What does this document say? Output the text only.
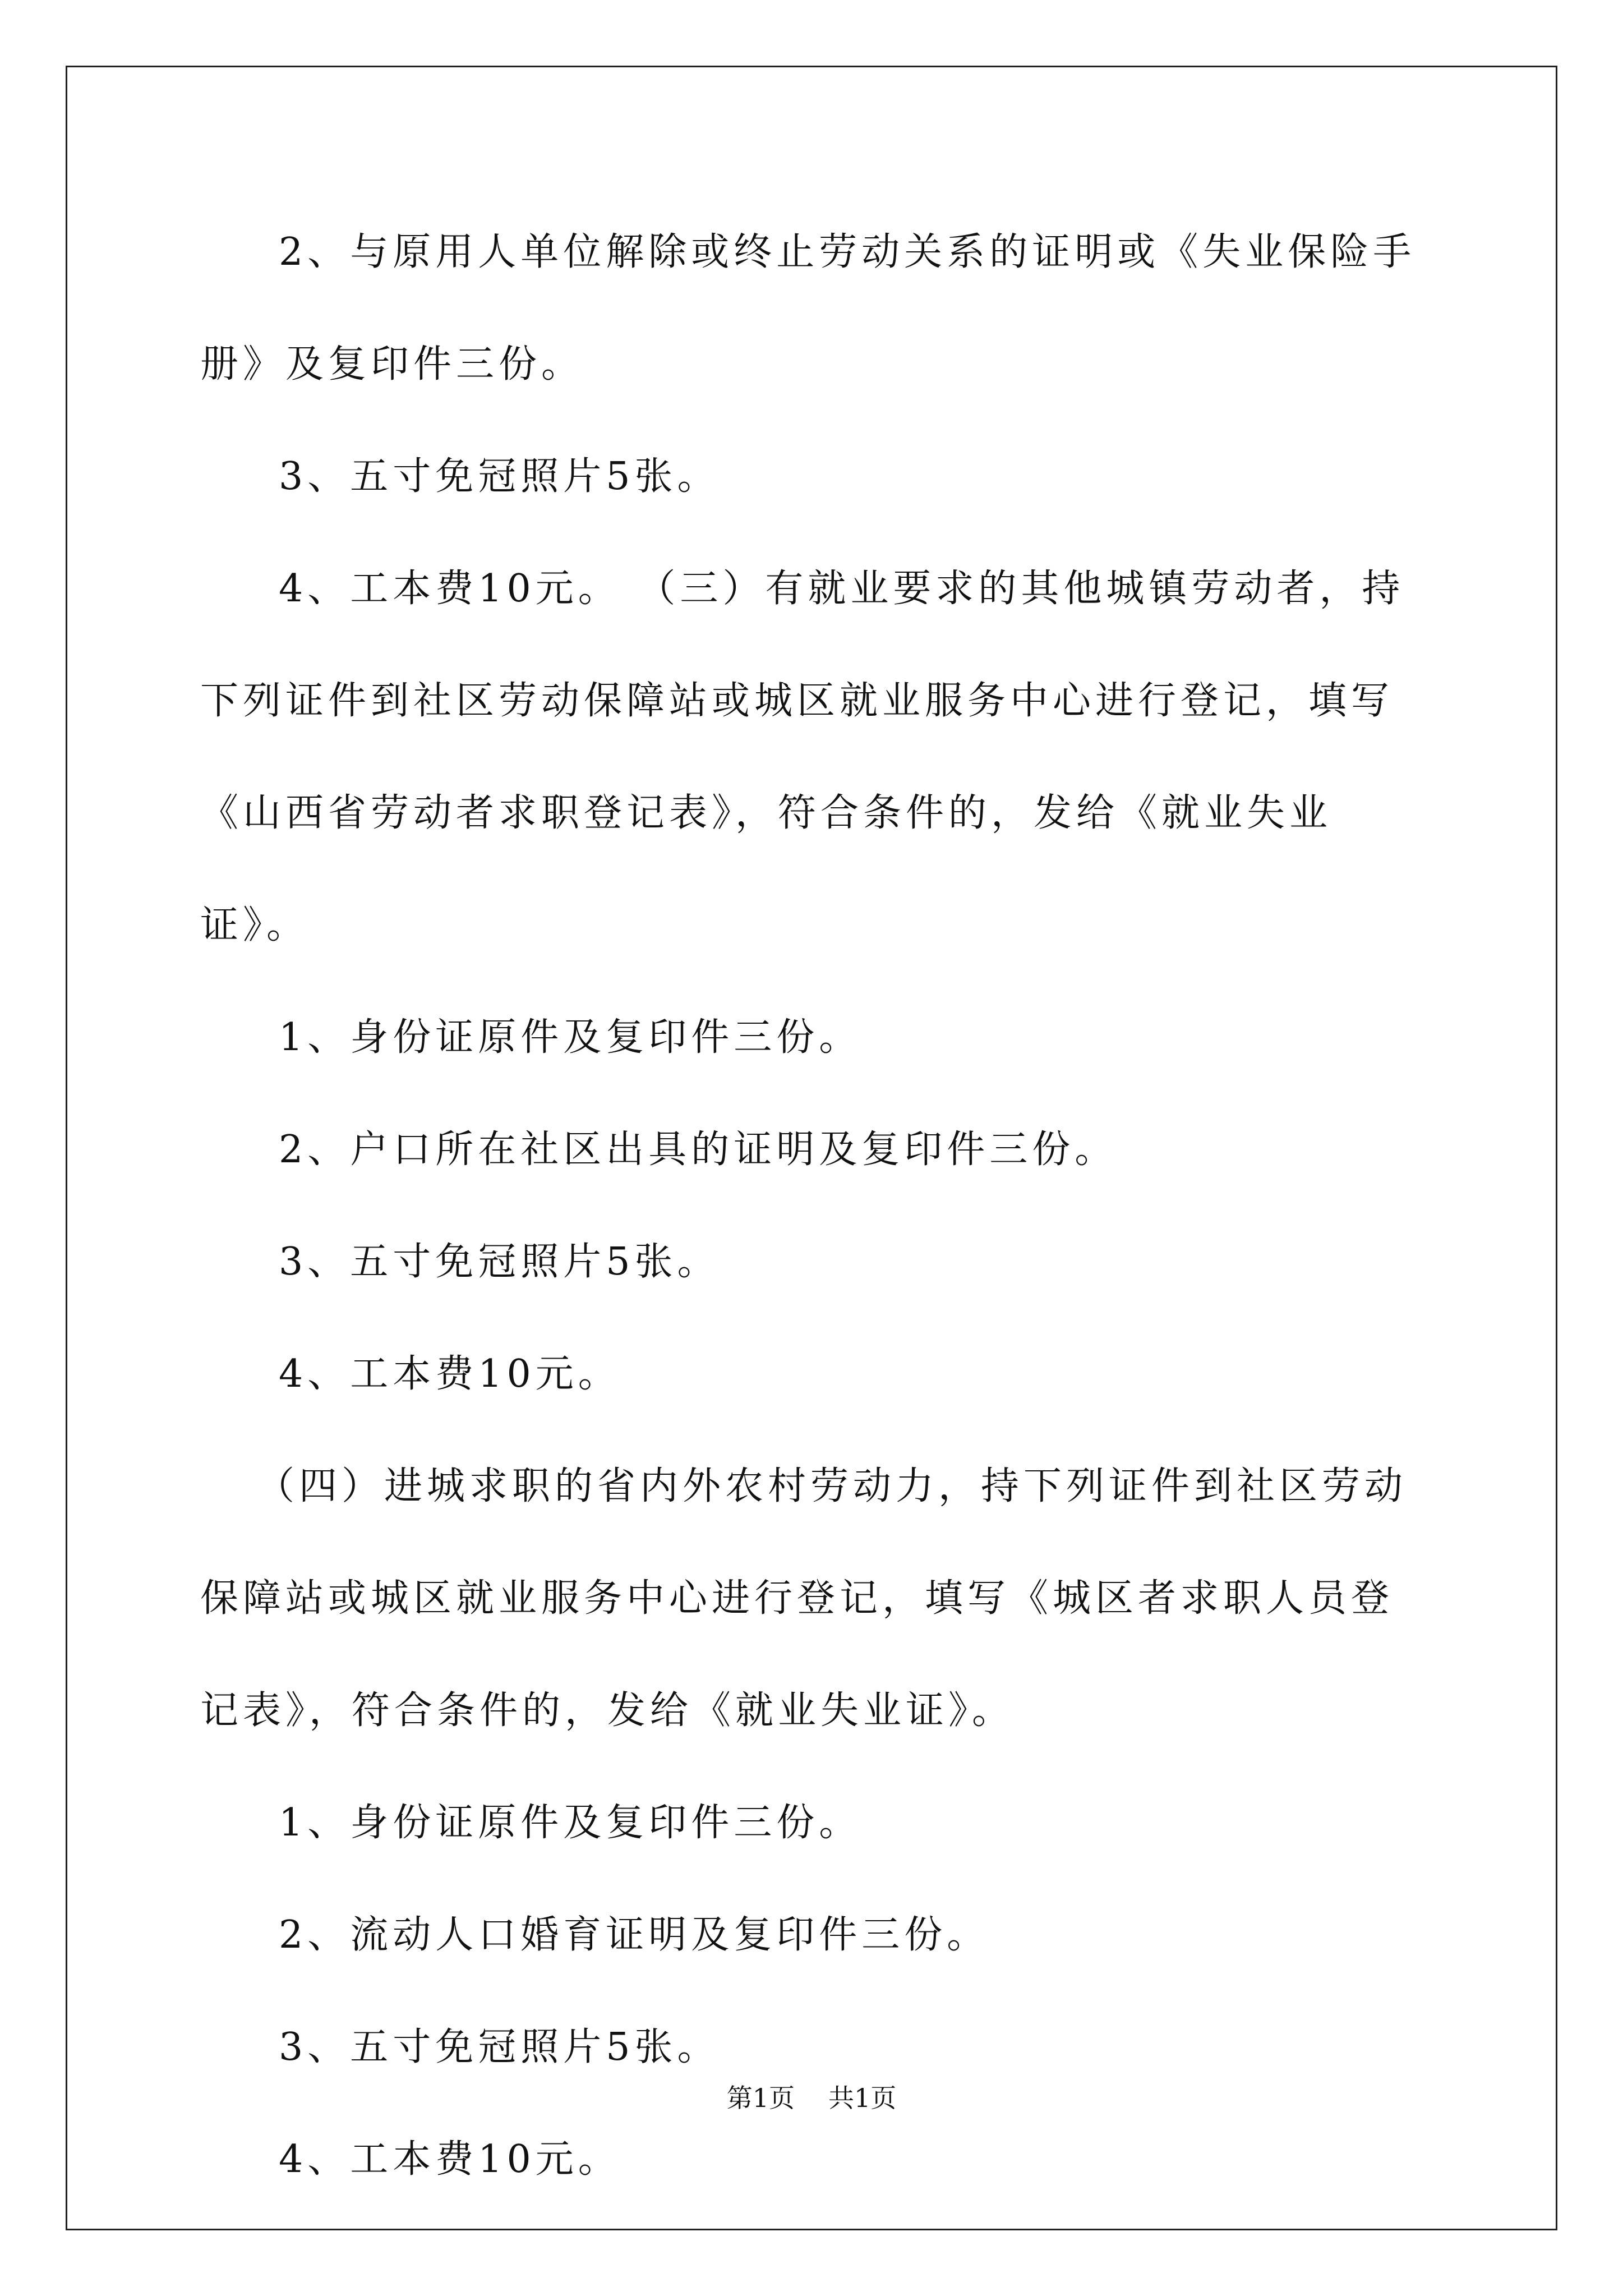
2、与原用人单位解除或终止劳动关系的证明或《失业保险手册》及复印件三份。

3、五寸免冠照片5张。

4、工本费10元。 （三）有就业要求的其他城镇劳动者，持下列证件到社区劳动保障站或城区就业服务中心进行登记，填写《山西省劳动者求职登记表》，符合条件的，发给《就业失业证》。

1、身份证原件及复印件三份。

2、户口所在社区出具的证明及复印件三份。

3、五寸免冠照片5张。

4、工本费10元。

（四）进城求职的省内外农村劳动力，持下列证件到社区劳动保障站或城区就业服务中心进行登记，填写《城区者求职人员登记表》，符合条件的，发给《就业失业证》。

1、身份证原件及复印件三份。

2、流动人口婚育证明及复印件三份。

3、五寸免冠照片5张。

4、工本费10元。

第1页 共1页
